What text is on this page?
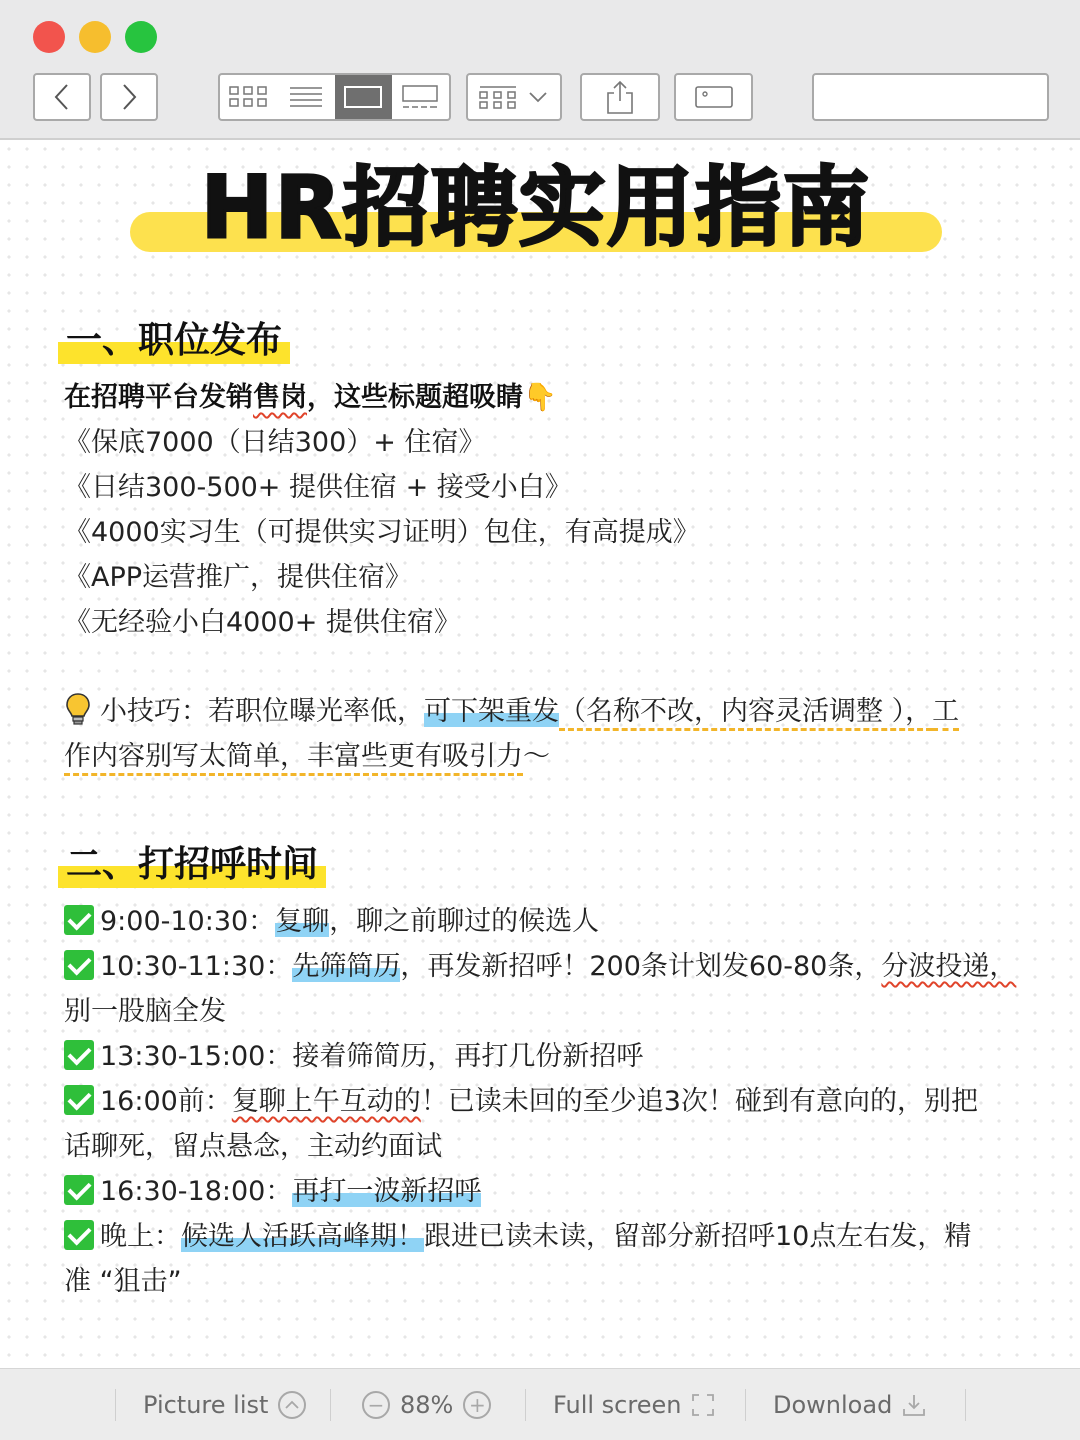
HR招聘实用指南
一、职位发布
在招聘平台发销售岗，这些标题超吸睛👇
《保底7000（日结300）+ 住宿》
《日结300-500+ 提供住宿 + 接受小白》
《4000实习生（可提供实习证明）包住，有高提成》
《APP运营推广，提供住宿》
《无经验小白4000+ 提供住宿》
小技巧：若职位曝光率低，可下架重发（名称不改，内容灵活调整 ），工
作内容别写太简单，丰富些更有吸引力～
二、打招呼时间
9:00-10:30：复聊，聊之前聊过的候选人
10:30-11:30：先筛简历，再发新招呼！200条计划发60-80条，分波投递，
别一股脑全发
13:30-15:00：接着筛简历，再打几份新招呼
16:00前：复聊上午互动的！已读未回的至少追3次！碰到有意向的，别把
话聊死，留点悬念，主动约面试
16:30-18:00：再打一波新招呼
晚上：候选人活跃高峰期！跟进已读未读，留部分新招呼10点左右发，精
准 “狙击”
Picture list	− 88% +	Full screen	Download
